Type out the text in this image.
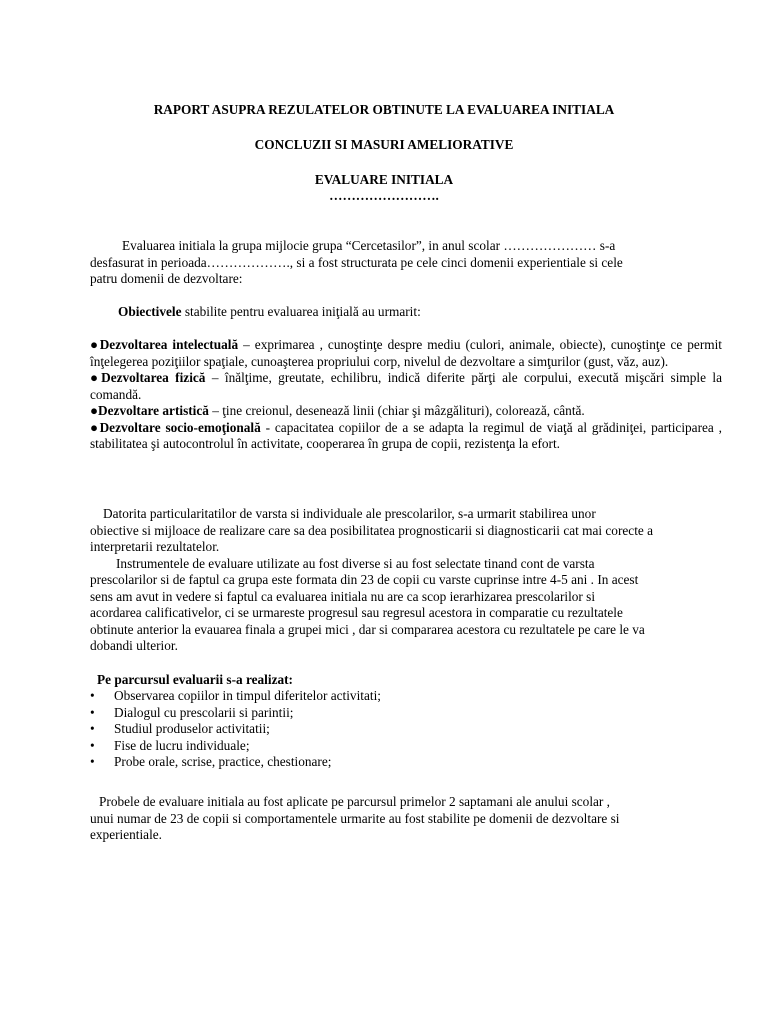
RAPORT ASUPRA REZULATELOR OBTINUTE LA EVALUAREA INITIALA
CONCLUZII SI MASURI AMELIORATIVE
EVALUARE INITIALA
…………………….
Evaluarea initiala la grupa mijlocie grupa “Cercetasilor”, in anul scolar ………………… s-a
desfasurat in perioada………………., si a fost structurata pe cele cinci domenii experientiale si cele
patru domenii de dezvoltare:
Obiectivele stabilite pentru evaluarea iniţială au urmarit:
●Dezvoltarea intelectuală – exprimarea , cunoştinţe despre mediu (culori, animale, obiecte), cunoştinţe ce permit înţelegerea poziţiilor spaţiale, cunoaşterea propriului corp, nivelul de dezvoltare a simţurilor (gust, văz, auz).
●Dezvoltarea fizică – înălţime, greutate, echilibru, indică diferite părţi ale corpului, execută mişcări simple la comandă.
●Dezvoltare artistică – ţine creionul, desenează linii (chiar şi mâzgălituri), colorează, cântă.
●Dezvoltare socio-emoţională - capacitatea copiilor de a se adapta la regimul de viaţă al grădiniţei, participarea , stabilitatea şi autocontrolul în activitate, cooperarea în grupa de copii, rezistenţa la efort.
Datorita particularitatilor de varsta si individuale ale prescolarilor, s-a urmarit stabilirea unor
obiective si mijloace de realizare care sa dea posibilitatea prognosticarii si diagnosticarii cat mai corecte a
interpretarii rezultatelor.
Instrumentele de evaluare utilizate au fost diverse si au fost selectate tinand cont de varsta
prescolarilor si de faptul ca grupa este formata din 23 de copii cu varste cuprinse intre 4-5 ani . In acest
sens am avut in vedere si faptul ca evaluarea initiala nu are ca scop ierarhizarea prescolarilor si
acordarea calificativelor, ci se urmareste progresul sau regresul acestora in comparatie cu rezultatele
obtinute anterior la evauarea finala a grupei mici , dar si compararea acestora cu rezultatele pe care le va
dobandi ulterior.
Pe parcursul evaluarii s-a realizat:
• Observarea copiilor in timpul diferitelor activitati;
• Dialogul cu prescolarii si parintii;
• Studiul produselor activitatii;
• Fise de lucru individuale;
• Probe orale, scrise, practice, chestionare;
Probele de evaluare initiala au fost aplicate pe parcursul primelor 2 saptamani ale anului scolar ,
unui numar de 23 de copii si comportamentele urmarite au fost stabilite pe domenii de dezvoltare si
experientiale.
